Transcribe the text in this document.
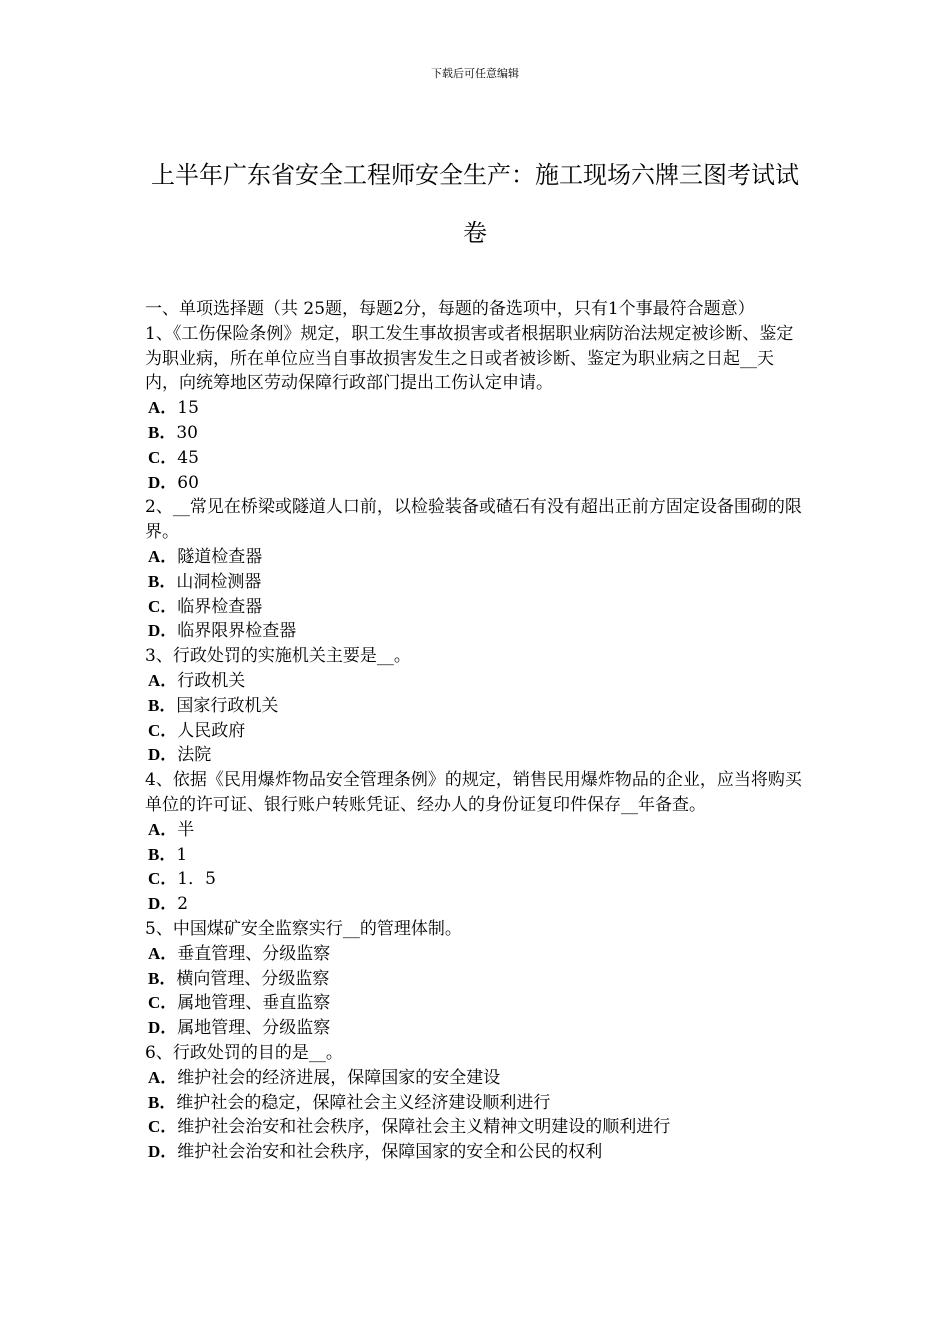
下载后可任意编辑
上半年广东省安全工程师安全生产：施工现场六牌三图考试试卷

一、单项选择题（共 25题，每题2分，每题的备选项中，只有1个事最符合题意）

1、《工伤保险条例》规定，职工发生事故损害或者根据职业病防治法规定被诊断、鉴定为职业病，所在单位应当自事故损害发生之日或者被诊断、鉴定为职业病之日起__天内，向统筹地区劳动保障行政部门提出工伤认定申请。

A．15
B．30
C．45
D．60

2、__常见在桥梁或隧道人口前，以检验装备或碴石有没有超出正前方固定设备围砌的限界。

A．隧道检查器
B．山洞检测器
C．临界检查器
D．临界限界检查器

3、行政处罚的实施机关主要是__。

A．行政机关
B．国家行政机关
C．人民政府
D．法院

4、依据《民用爆炸物品安全管理条例》的规定，销售民用爆炸物品的企业，应当将购买单位的许可证、银行账户转账凭证、经办人的身份证复印件保存__年备查。

A．半
B．1
C．1．5
D．2

5、中国煤矿安全监察实行__的管理体制。

A．垂直管理、分级监察
B．横向管理、分级监察
C．属地管理、垂直监察
D．属地管理、分级监察

6、行政处罚的目的是__。

A．维护社会的经济进展，保障国家的安全建设
B．维护社会的稳定，保障社会主义经济建设顺利进行
C．维护社会治安和社会秩序，保障社会主义精神文明建设的顺利进行
D．维护社会治安和社会秩序，保障国家的安全和公民的权利
